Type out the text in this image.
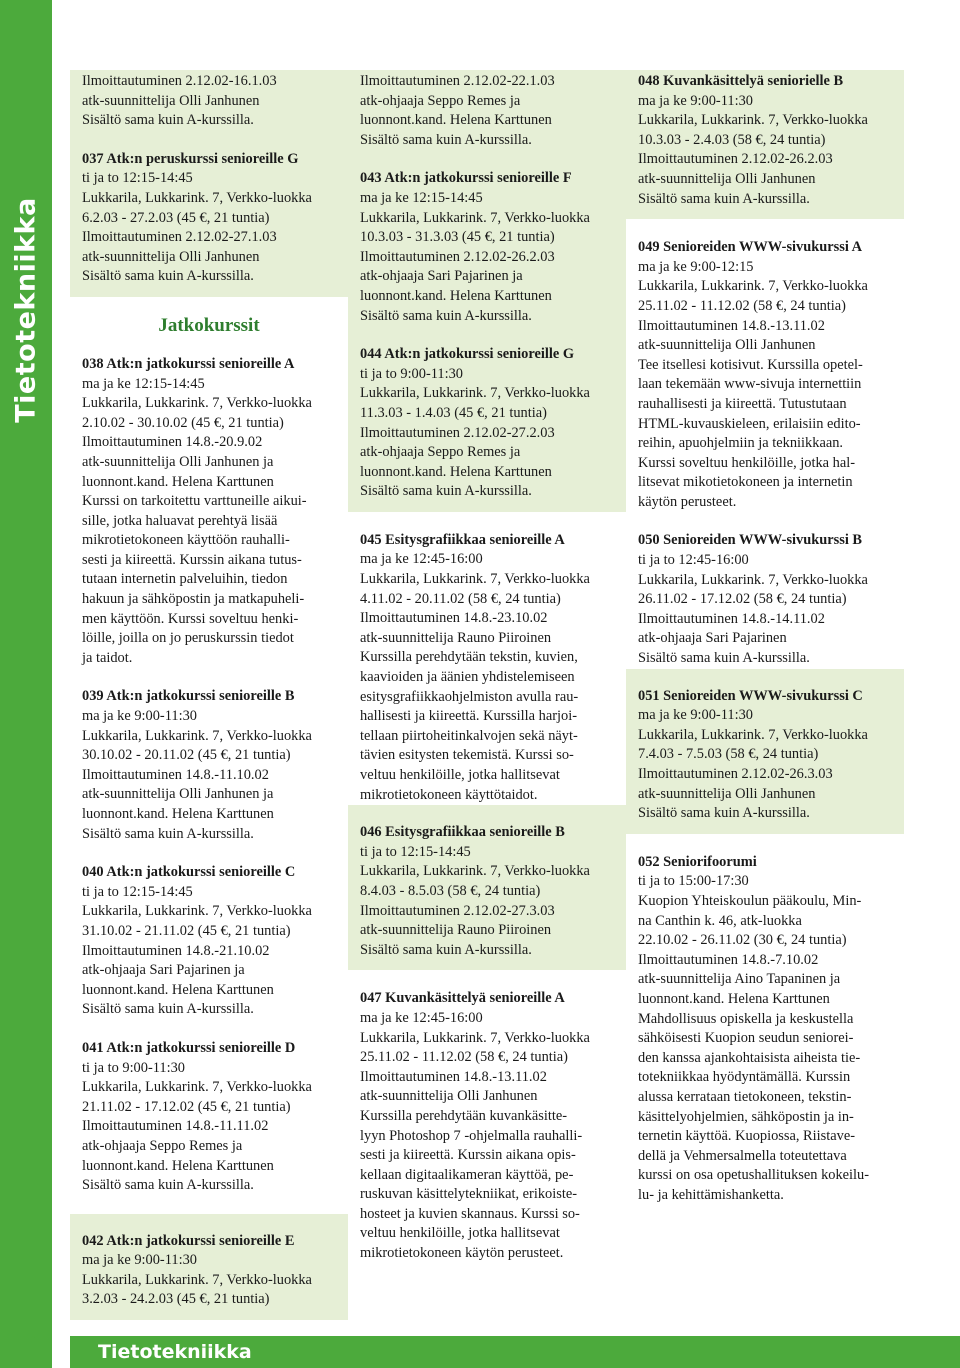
Tietotekniikka
14	Tietotekniikka
Ilmoittautuminen 2.12.02-16.1.03
atk-suunnittelija Olli Janhunen
Sisältö sama kuin A-kurssilla.
037 Atk:n peruskurssi senioreille G
ti ja to 12:15-14:45
Lukkarila, Lukkarink. 7, Verkko-luokka
6.2.03 - 27.2.03 (45 €, 21 tuntia)
Ilmoittautuminen 2.12.02-27.1.03
atk-suunnittelija Olli Janhunen
Sisältö sama kuin A-kurssilla.
Jatkokurssit
038 Atk:n jatkokurssi senioreille A
ma ja ke 12:15-14:45
Lukkarila, Lukkarink. 7, Verkko-luokka
2.10.02 - 30.10.02 (45 €, 21 tuntia)
Ilmoittautuminen 14.8.-20.9.02
atk-suunnittelija Olli Janhunen ja
luonnont.kand. Helena Karttunen
Kurssi on tarkoitettu varttuneille aikui-
sille, jotka haluavat perehtyä lisää
mikrotietokoneen käyttöön rauhalli-
sesti ja kiireettä. Kurssin aikana tutus-
tutaan internetin palveluihin, tiedon
hakuun ja sähköpostin ja matkapuheli-
men käyttöön. Kurssi soveltuu henki-
löille, joilla on jo peruskurssin tiedot
ja taidot.
039 Atk:n jatkokurssi senioreille B
ma ja ke 9:00-11:30
Lukkarila, Lukkarink. 7, Verkko-luokka
30.10.02 - 20.11.02 (45 €, 21 tuntia)
Ilmoittautuminen 14.8.-11.10.02
atk-suunnittelija Olli Janhunen ja
luonnont.kand. Helena Karttunen
Sisältö sama kuin A-kurssilla.
040 Atk:n jatkokurssi senioreille C
ti ja to 12:15-14:45
Lukkarila, Lukkarink. 7, Verkko-luokka
31.10.02 - 21.11.02 (45 €, 21 tuntia)
Ilmoittautuminen 14.8.-21.10.02
atk-ohjaaja Sari Pajarinen ja
luonnont.kand. Helena Karttunen
Sisältö sama kuin A-kurssilla.
041 Atk:n jatkokurssi senioreille D
ti ja to 9:00-11:30
Lukkarila, Lukkarink. 7, Verkko-luokka
21.11.02 - 17.12.02 (45 €, 21 tuntia)
Ilmoittautuminen 14.8.-11.11.02
atk-ohjaaja Seppo Remes ja
luonnont.kand. Helena Karttunen
Sisältö sama kuin A-kurssilla.
042 Atk:n jatkokurssi senioreille E
ma ja ke 9:00-11:30
Lukkarila, Lukkarink. 7, Verkko-luokka
3.2.03 - 24.2.03 (45 €, 21 tuntia)
Ilmoittautuminen 2.12.02-22.1.03
atk-ohjaaja Seppo Remes ja
luonnont.kand. Helena Karttunen
Sisältö sama kuin A-kurssilla.
043 Atk:n jatkokurssi senioreille F
ma ja ke 12:15-14:45
Lukkarila, Lukkarink. 7, Verkko-luokka
10.3.03 - 31.3.03 (45 €, 21 tuntia)
Ilmoittautuminen 2.12.02-26.2.03
atk-ohjaaja Sari Pajarinen ja
luonnont.kand. Helena Karttunen
Sisältö sama kuin A-kurssilla.
044 Atk:n jatkokurssi senioreille G
ti ja to 9:00-11:30
Lukkarila, Lukkarink. 7, Verkko-luokka
11.3.03 - 1.4.03 (45 €, 21 tuntia)
Ilmoittautuminen 2.12.02-27.2.03
atk-ohjaaja Seppo Remes ja
luonnont.kand. Helena Karttunen
Sisältö sama kuin A-kurssilla.
045 Esitysgrafiikkaa senioreille A
ma ja ke 12:45-16:00
Lukkarila, Lukkarink. 7, Verkko-luokka
4.11.02 - 20.11.02 (58 €, 24 tuntia)
Ilmoittautuminen 14.8.-23.10.02
atk-suunnittelija Rauno Piiroinen
Kurssilla perehdytään tekstin, kuvien,
kaavioiden ja äänien yhdistelemiseen
esitysgrafiikkaohjelmiston avulla rau-
hallisesti ja kiireettä. Kurssilla harjoi-
tellaan piirtoheitinkalvojen sekä näyt-
tävien esitysten tekemistä. Kurssi so-
veltuu henkilöille, jotka hallitsevat
mikrotietokoneen käyttötaidot.
046 Esitysgrafiikkaa senioreille B
ti ja to 12:15-14:45
Lukkarila, Lukkarink. 7, Verkko-luokka
8.4.03 - 8.5.03 (58 €, 24 tuntia)
Ilmoittautuminen 2.12.02-27.3.03
atk-suunnittelija Rauno Piiroinen
Sisältö sama kuin A-kurssilla.
047 Kuvankäsittelyä senioreille A
ma ja ke 12:45-16:00
Lukkarila, Lukkarink. 7, Verkko-luokka
25.11.02 - 11.12.02 (58 €, 24 tuntia)
Ilmoittautuminen 14.8.-13.11.02
atk-suunnittelija Olli Janhunen
Kurssilla perehdytään kuvankäsitte-
lyyn Photoshop 7 -ohjelmalla rauhalli-
sesti ja kiireettä. Kurssin aikana opis-
kellaan digitaalikameran käyttöä, pe-
ruskuvan käsittelytekniikat, erikoiste-
hosteet ja kuvien skannaus. Kurssi so-
veltuu henkilöille, jotka hallitsevat
mikrotietokoneen käytön perusteet.
048 Kuvankäsittelyä seniorielle B
ma ja ke 9:00-11:30
Lukkarila, Lukkarink. 7, Verkko-luokka
10.3.03 - 2.4.03 (58 €, 24 tuntia)
Ilmoittautuminen 2.12.02-26.2.03
atk-suunnittelija Olli Janhunen
Sisältö sama kuin A-kurssilla.
049 Senioreiden WWW-sivukurssi A
ma ja ke 9:00-12:15
Lukkarila, Lukkarink. 7, Verkko-luokka
25.11.02 - 11.12.02 (58 €, 24 tuntia)
Ilmoittautuminen 14.8.-13.11.02
atk-suunnittelija Olli Janhunen
Tee itsellesi kotisivut. Kurssilla opetel-
laan tekemään www-sivuja internettiin
rauhallisesti ja kiireettä. Tutustutaan
HTML-kuvauskieleen, erilaisiin edito-
reihin, apuohjelmiin ja tekniikkaan.
Kurssi soveltuu henkilöille, jotka hal-
litsevat mikotietokoneen ja internetin
käytön perusteet.
050 Senioreiden WWW-sivukurssi B
ti ja to 12:45-16:00
Lukkarila, Lukkarink. 7, Verkko-luokka
26.11.02 - 17.12.02 (58 €, 24 tuntia)
Ilmoittautuminen 14.8.-14.11.02
atk-ohjaaja Sari Pajarinen
Sisältö sama kuin A-kurssilla.
051 Senioreiden WWW-sivukurssi C
ma ja ke 9:00-11:30
Lukkarila, Lukkarink. 7, Verkko-luokka
7.4.03 - 7.5.03 (58 €, 24 tuntia)
Ilmoittautuminen 2.12.02-26.3.03
atk-suunnittelija Olli Janhunen
Sisältö sama kuin A-kurssilla.
052 Seniorifoorumi
ti ja to 15:00-17:30
Kuopion Yhteiskoulun pääkoulu, Min-
na Canthin k. 46, atk-luokka
22.10.02 - 26.11.02 (30 €, 24 tuntia)
Ilmoittautuminen 14.8.-7.10.02
atk-suunnittelija Aino Tapaninen ja
luonnont.kand. Helena Karttunen
Mahdollisuus opiskella ja keskustella
sähköisesti Kuopion seudun seniorei-
den kanssa ajankohtaisista aiheista tie-
totekniikkaa hyödyntämällä. Kurssin
alussa kerrataan tietokoneen, tekstin-
käsittelyohjelmien, sähköpostin ja in-
ternetin käyttöä. Kuopiossa, Riistave-
dellä ja Vehmersalmella toteutettava
kurssi on osa opetushallituksen kokeilu-
lu- ja kehittämishanketta.
